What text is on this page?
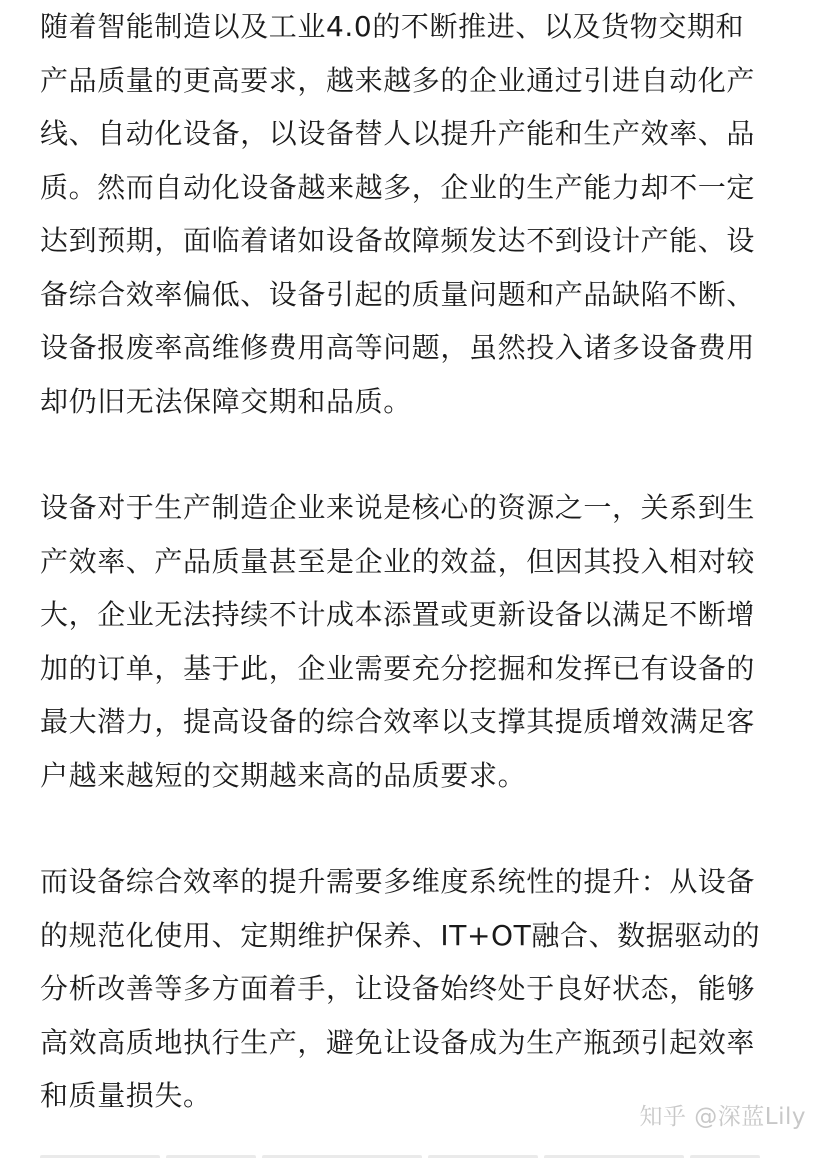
随着智能制造以及工业4.0的不断推进、以及货物交期和
产品质量的更高要求，越来越多的企业通过引进自动化产
线、自动化设备，以设备替人以提升产能和生产效率、品
质。然而自动化设备越来越多，企业的生产能力却不一定
达到预期，面临着诸如设备故障频发达不到设计产能、设
备综合效率偏低、设备引起的质量问题和产品缺陷不断、
设备报废率高维修费用高等问题，虽然投入诸多设备费用
却仍旧无法保障交期和品质。

设备对于生产制造企业来说是核心的资源之一，关系到生
产效率、产品质量甚至是企业的效益，但因其投入相对较
大，企业无法持续不计成本添置或更新设备以满足不断增
加的订单，基于此，企业需要充分挖掘和发挥已有设备的
最大潜力，提高设备的综合效率以支撑其提质增效满足客
户越来越短的交期越来高的品质要求。

而设备综合效率的提升需要多维度系统性的提升：从设备
的规范化使用、定期维护保养、IT+OT融合、数据驱动的
分析改善等多方面着手，让设备始终处于良好状态，能够
高效高质地执行生产，避免让设备成为生产瓶颈引起效率
和质量损失。

知乎 @深蓝Lily
